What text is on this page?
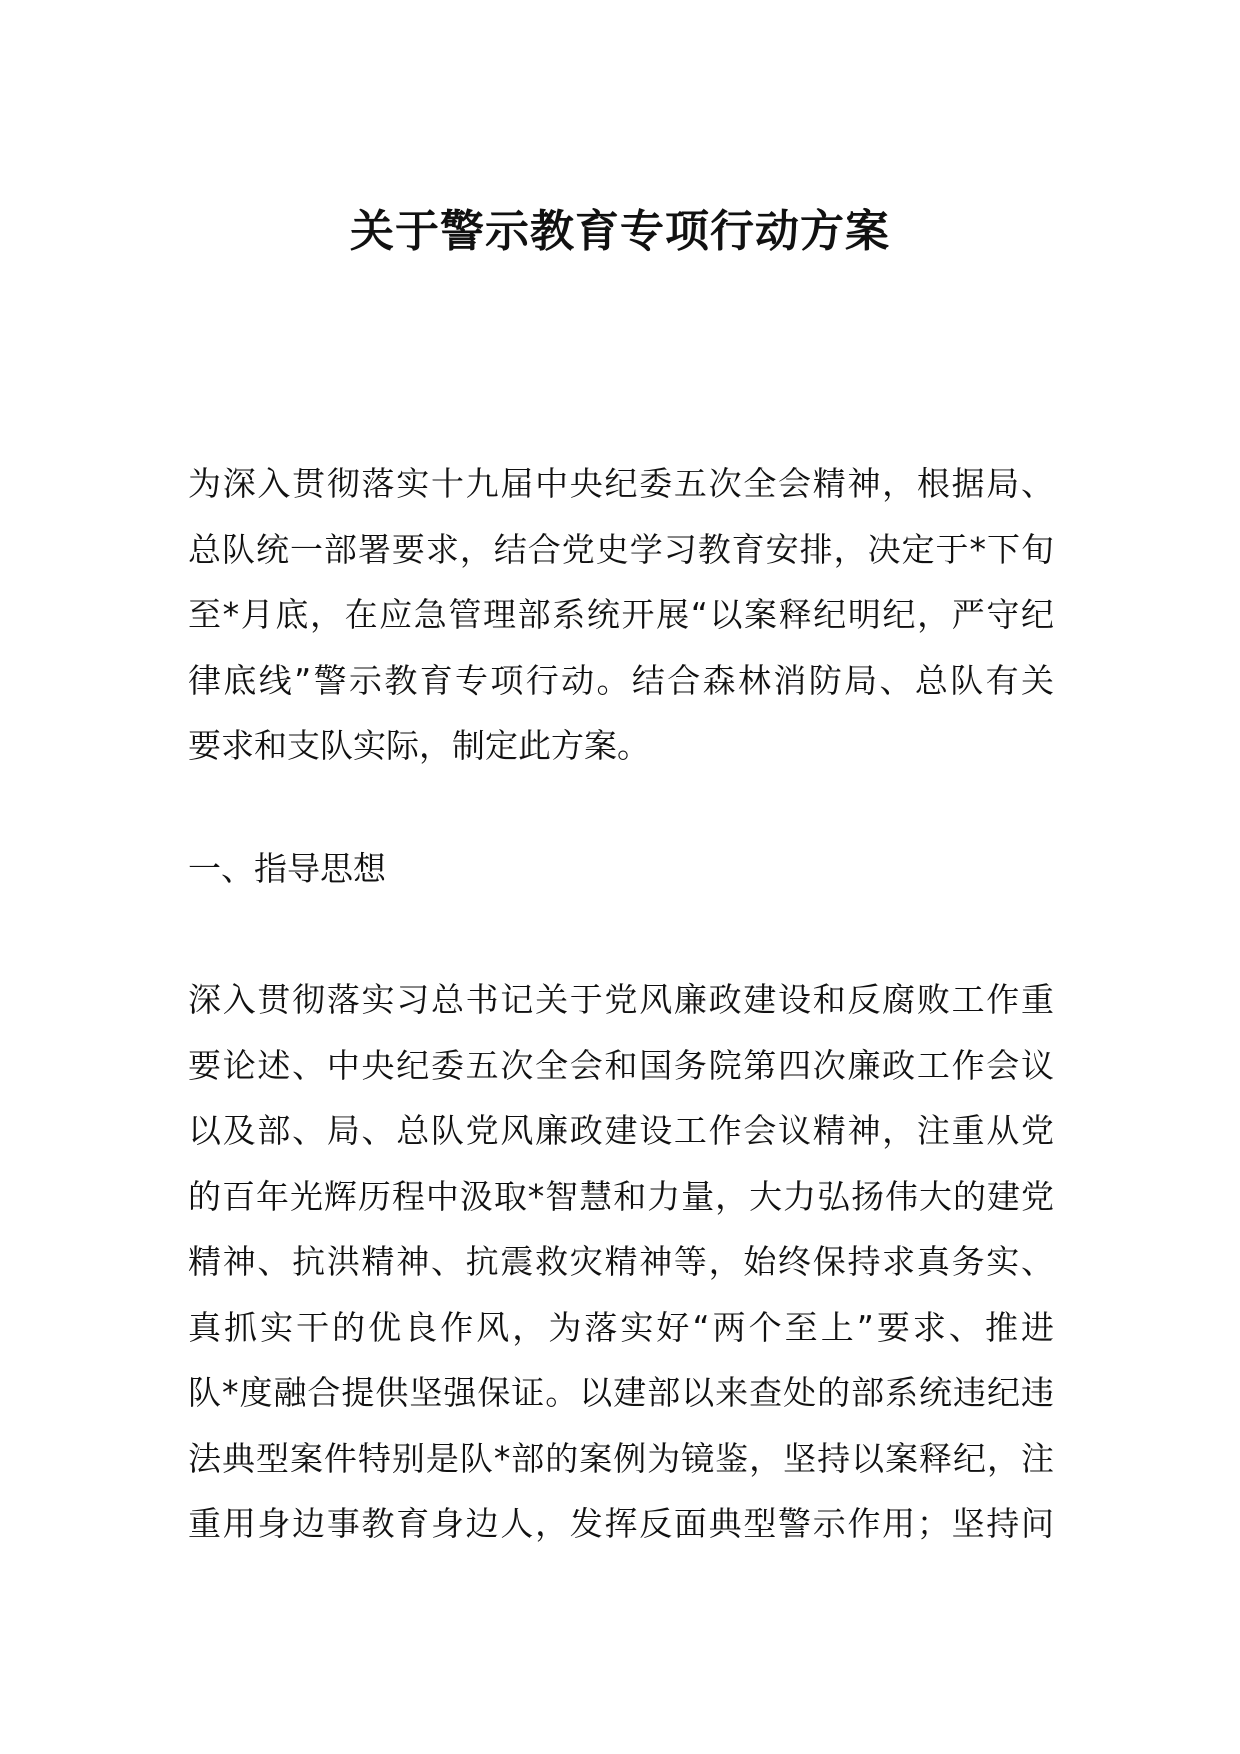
关于警示教育专项行动方案

为深入贯彻落实十九届中央纪委五次全会精神，根据局、
总队统一部署要求，结合党史学习教育安排，决定于*下旬
至*月底，在应急管理部系统开展“以案释纪明纪，严守纪
律底线”警示教育专项行动。结合森林消防局、总队有关
要求和支队实际，制定此方案。

一、指导思想

深入贯彻落实习总书记关于党风廉政建设和反腐败工作重
要论述、中央纪委五次全会和国务院第四次廉政工作会议
以及部、局、总队党风廉政建设工作会议精神，注重从党
的百年光辉历程中汲取*智慧和力量，大力弘扬伟大的建党
精神、抗洪精神、抗震救灾精神等，始终保持求真务实、
真抓实干的优良作风，为落实好“两个至上”要求、推进
队*度融合提供坚强保证。以建部以来查处的部系统违纪违
法典型案件特别是队*部的案例为镜鉴，坚持以案释纪，注
重用身边事教育身边人，发挥反面典型警示作用；坚持问
